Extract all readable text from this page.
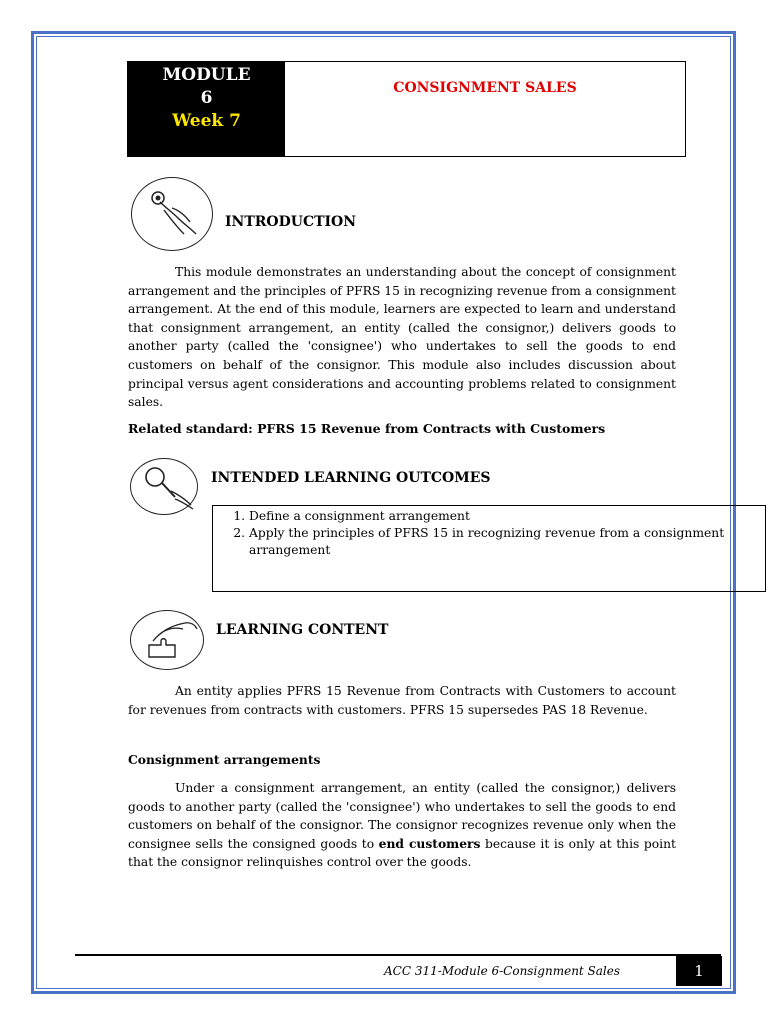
MODULE
6
Week 7
CONSIGNMENT SALES
INTRODUCTION
This module demonstrates an understanding about the concept of consignment arrangement and the principles of PFRS 15 in recognizing revenue from a consignment arrangement. At the end of this module, learners are expected to learn and understand that consignment arrangement, an entity (called the consignor,) delivers goods to another party (called the 'consignee') who undertakes to sell the goods to end customers on behalf of the consignor. This module also includes discussion about principal versus agent considerations and accounting problems related to consignment sales.
Related standard: PFRS 15 Revenue from Contracts with Customers
INTENDED LEARNING OUTCOMES
1. Define a consignment arrangement
2. Apply the principles of PFRS 15 in recognizing revenue from a consignment arrangement
LEARNING CONTENT
An entity applies PFRS 15 Revenue from Contracts with Customers to account for revenues from contracts with customers. PFRS 15 supersedes PAS 18 Revenue.
Consignment arrangements
Under a consignment arrangement, an entity (called the consignor,) delivers goods to another party (called the 'consignee') who undertakes to sell the goods to end customers on behalf of the consignor. The consignor recognizes revenue only when the consignee sells the consigned goods to end customers because it is only at this point that the consignor relinquishes control over the goods.
ACC 311-Module 6-Consignment Sales	1
